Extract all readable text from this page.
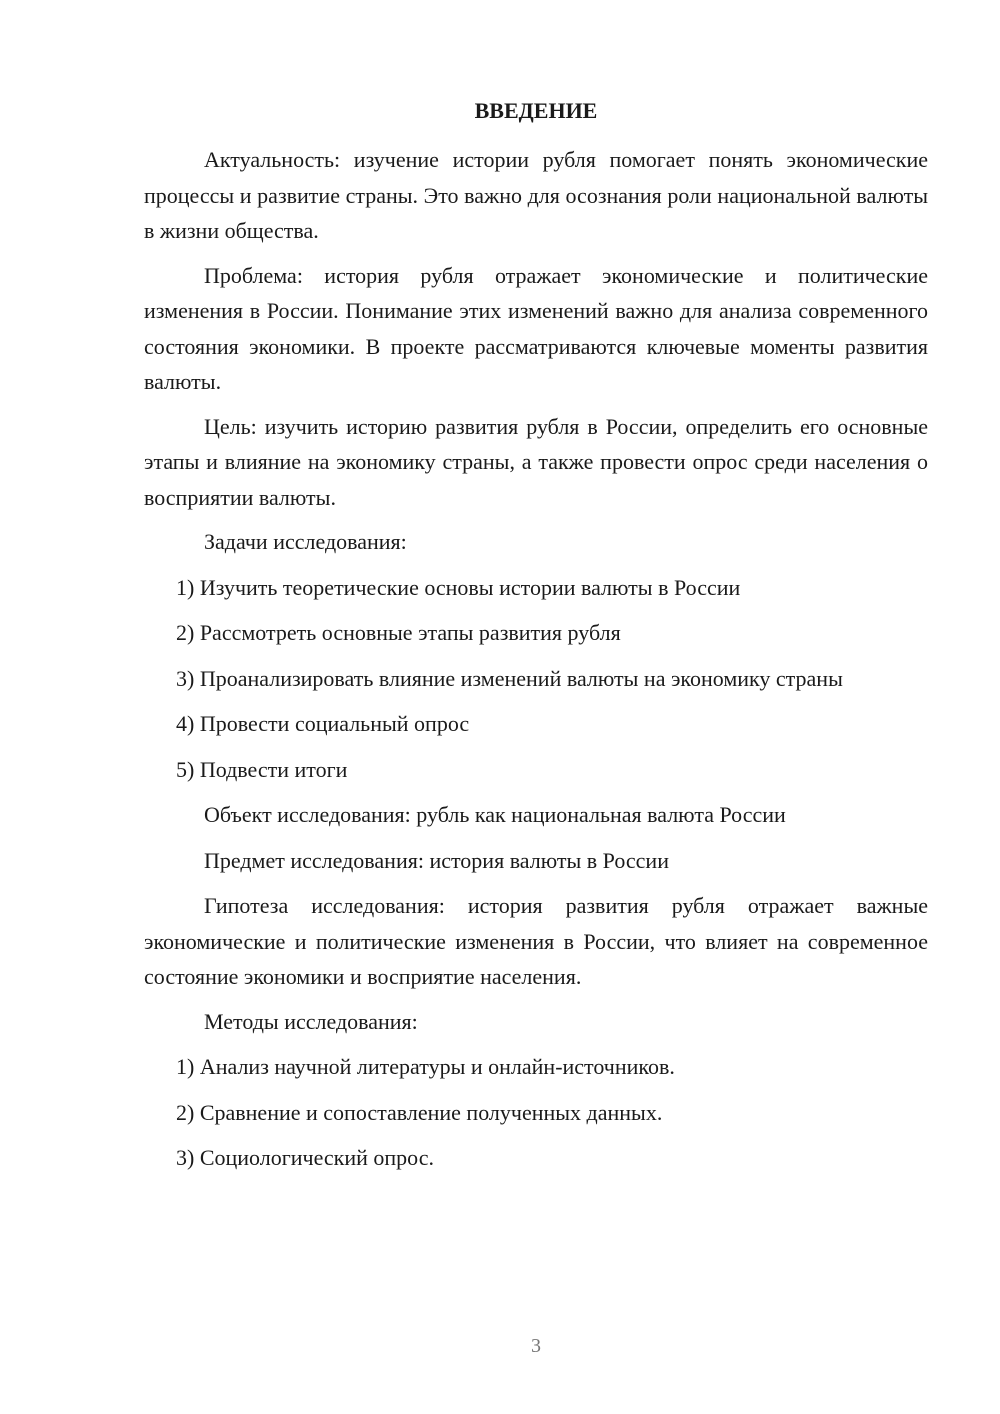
ВВЕДЕНИЕ

Актуальность: изучение истории рубля помогает понять экономические процессы и развитие страны. Это важно для осознания роли национальной валюты в жизни общества.

Проблема: история рубля отражает экономические и политические изменения в России. Понимание этих изменений важно для анализа современного состояния экономики. В проекте рассматриваются ключевые моменты развития валюты.

Цель: изучить историю развития рубля в России, определить его основные этапы и влияние на экономику страны, а также провести опрос среди населения о восприятии валюты.

Задачи исследования:

1) Изучить теоретические основы истории валюты в России

2) Рассмотреть основные этапы развития рубля

3) Проанализировать влияние изменений валюты на экономику страны

4) Провести социальный опрос

5) Подвести итоги

Объект исследования: рубль как национальная валюта России

Предмет исследования: история валюты в России

Гипотеза исследования: история развития рубля отражает важные экономические и политические изменения в России, что влияет на современное состояние экономики и восприятие населения.

Методы исследования:

1) Анализ научной литературы и онлайн-источников.

2) Сравнение и сопоставление полученных данных.

3) Социологический опрос.

3
